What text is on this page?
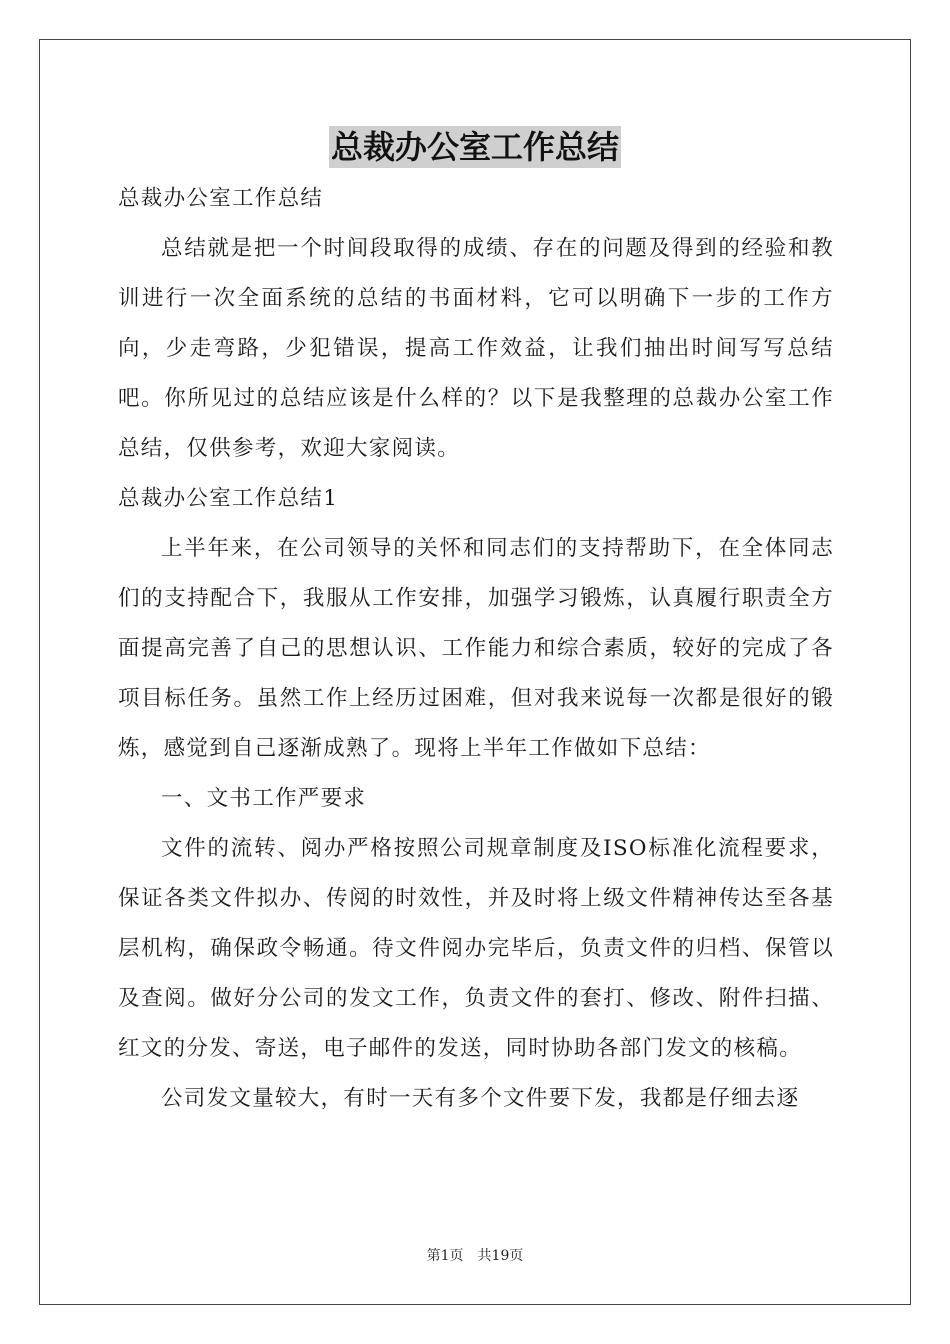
总裁办公室工作总结

总裁办公室工作总结

总结就是把一个时间段取得的成绩、存在的问题及得到的经验和教训进行一次全面系统的总结的书面材料，它可以明确下一步的工作方向，少走弯路，少犯错误，提高工作效益，让我们抽出时间写写总结吧。你所见过的总结应该是什么样的？以下是我整理的总裁办公室工作总结，仅供参考，欢迎大家阅读。

总裁办公室工作总结1

上半年来，在公司领导的关怀和同志们的支持帮助下，在全体同志们的支持配合下，我服从工作安排，加强学习锻炼，认真履行职责全方面提高完善了自己的思想认识、工作能力和综合素质，较好的完成了各项目标任务。虽然工作上经历过困难，但对我来说每一次都是很好的锻炼，感觉到自己逐渐成熟了。现将上半年工作做如下总结：

一、文书工作严要求

文件的流转、阅办严格按照公司规章制度及ISO标准化流程要求，保证各类文件拟办、传阅的时效性，并及时将上级文件精神传达至各基层机构，确保政令畅通。待文件阅办完毕后，负责文件的归档、保管以及查阅。做好分公司的发文工作，负责文件的套打、修改、附件扫描、红文的分发、寄送，电子邮件的发送，同时协助各部门发文的核稿。

公司发文量较大，有时一天有多个文件要下发，我都是仔细去逐

第1页　共19页
